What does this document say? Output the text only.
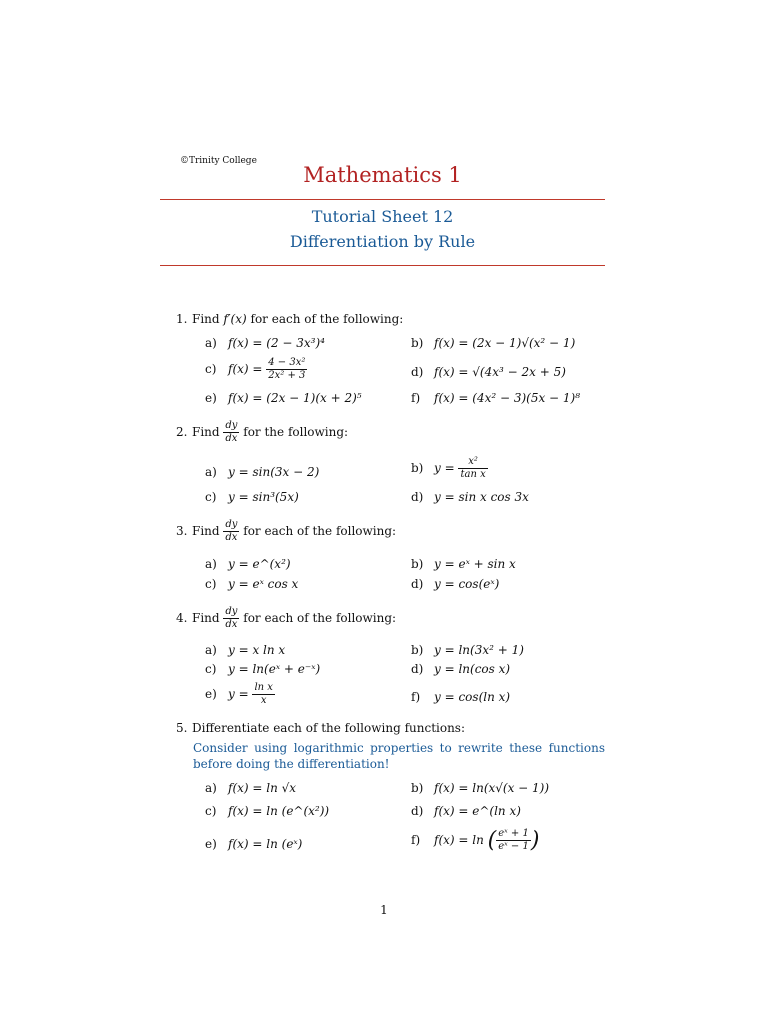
©Trinity College
Mathematics 1
Tutorial Sheet 12
Differentiation by Rule
1. Find f′(x) for each of the following:
a) f(x) = (2 − 3x³)⁴	b) f(x) = (2x − 1)√(x² − 1)
c) $f(x) = \frac{\text{4 − 3x²}}{\text{2x² + 3}}$	d) f(x) = √(4x³ − 2x + 5)
e) f(x) = (2x − 1)(x + 2)⁵	f) f(x) = (4x² − 3)(5x − 1)⁸
2. Find $\frac{dy}{dx}$ for the following:
a) y = sin(3x − 2)	b) $y = \frac{\text{x²}}{\text{tan x}}$
c) y = sin³(5x)	d) y = sin x cos 3x
3. Find $\frac{dy}{dx}$ for each of the following:
a) y = e^(x²)	b) y = eˣ + sin x
c) y = eˣ cos x	d) y = cos(eˣ)
4. Find $\frac{dy}{dx}$ for each of the following:
a) y = x ln x	b) y = ln(3x² + 1)
c) y = ln(eˣ + e⁻ˣ)	d) y = ln(cos x)
e) $y = \frac{\text{ln x}}{x}$	f) y = cos(ln x)
5. Differentiate each of the following functions:
Consider using logarithmic properties to rewrite these functions before doing the differentiation!
a) f(x) = ln √x	b) f(x) = ln(x√(x − 1))
c) f(x) = ln (e^(x²))	d) f(x) = e^(ln x)
e) f(x) = ln (eˣ)	f) f(x) = ln ( $\frac{\text{eˣ + 1}}{\text{eˣ − 1}}$ )
1
